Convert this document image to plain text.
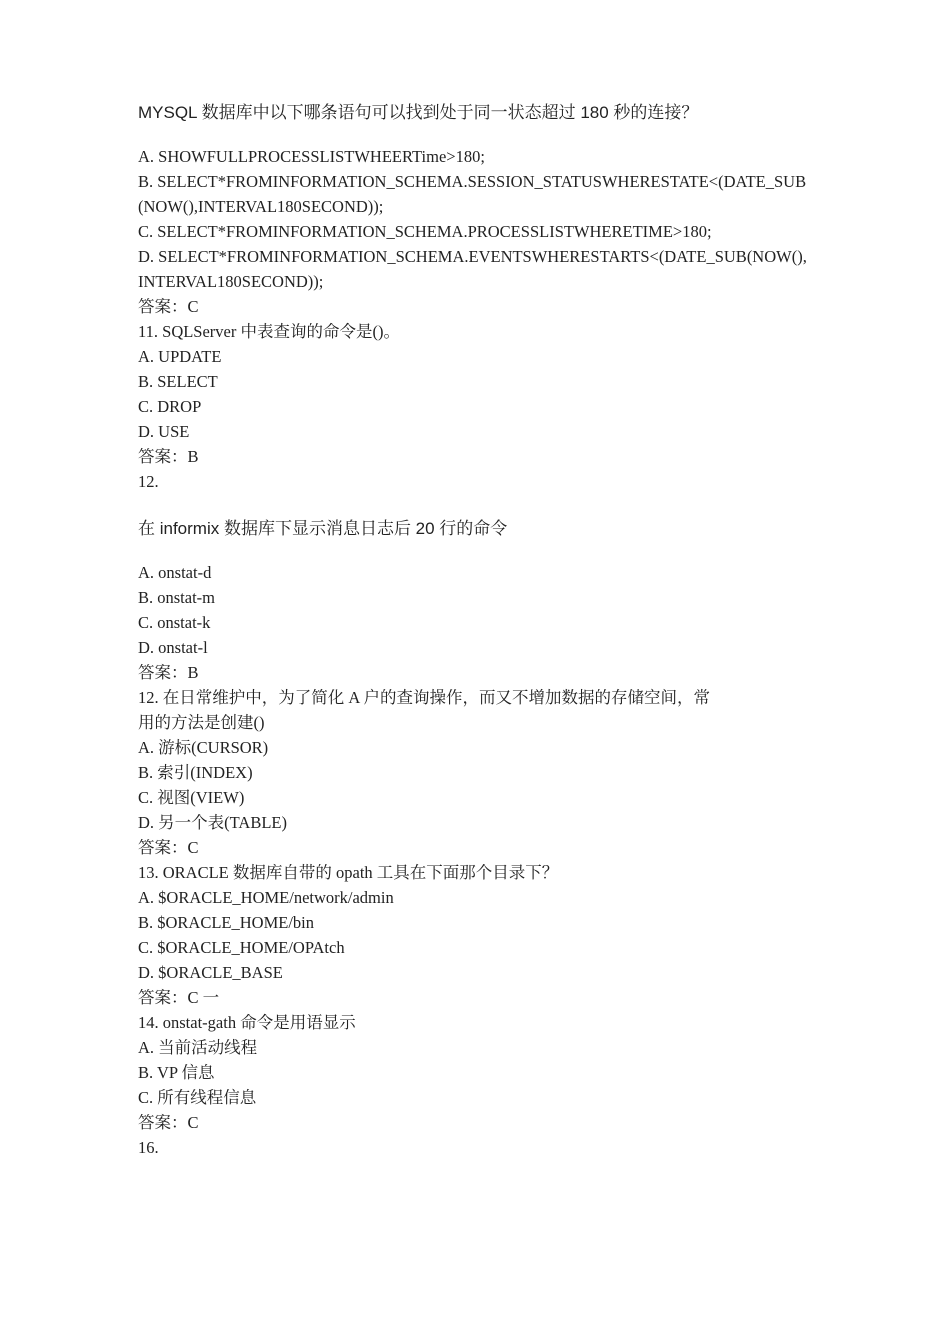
MYSQL 数据库中以下哪条语句可以找到处于同一状态超过 180 秒的连接？
A. SHOWFULLPROCESSLISTWHEERTime>180;
B. SELECT*FROMINFORMATION_SCHEMA.SESSION_STATUSWHERESTATE<(DATE_SUB
(NOW(),INTERVAL180SECOND));
C. SELECT*FROMINFORMATION_SCHEMA.PROCESSLISTWHERETIME>180;
D. SELECT*FROMINFORMATION_SCHEMA.EVENTSWHERESTARTS<(DATE_SUB(NOW(),
INTERVAL180SECOND));
答案：C
11. SQLServer 中表查询的命令是()。
A. UPDATE
B. SELECT
C. DROP
D. USE
答案：B
12.
在 informix 数据库下显示消息日志后 20 行的命令
A. onstat-d
B. onstat-m
C. onstat-k
D. onstat-l
答案：B
12. 在日常维护中，为了简化 A 户的查询操作，而又不增加数据的存储空间，常
用的方法是创建()
A. 游标(CURSOR)
B. 索引(INDEX)
C. 视图(VIEW)
D. 另一个表(TABLE)
答案：C
13. ORACLE 数据库自带的 opath 工具在下面那个目录下？
A. $ORACLE_HOME/network/admin
B. $ORACLE_HOME/bin
C. $ORACLE_HOME/OPAtch
D. $ORACLE_BASE
答案：C 一
14. onstat-gath 命令是用语显示
A. 当前活动线程
B. VP 信息
C. 所有线程信息
答案：C
16.
